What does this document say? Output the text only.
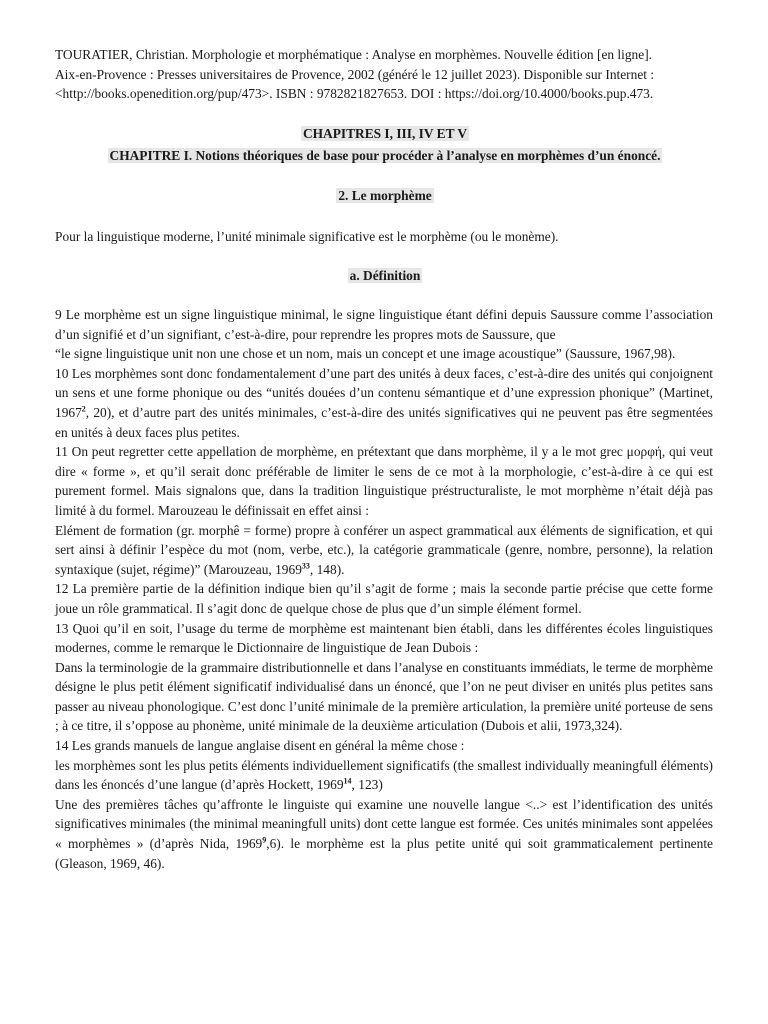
TOURATIER, Christian. Morphologie et morphématique : Analyse en morphèmes. Nouvelle édition [en ligne].

Aix-en-Provence : Presses universitaires de Provence, 2002 (généré le 12 juillet 2023). Disponible sur Internet :

<http://books.openedition.org/pup/473>. ISBN : 9782821827653. DOI : https://doi.org/10.4000/books.pup.473.

CHAPITRES I, III, IV ET V
CHAPITRE I. Notions théoriques de base pour procéder à l’analyse en morphèmes d’un énoncé.
2. Le morphème

Pour la linguistique moderne, l’unité minimale significative est le morphème (ou le monème).

a. Définition

9 Le morphème est un signe linguistique minimal, le signe linguistique étant défini depuis Saussure comme l’association d’un signifié et d’un signifiant, c’est-à-dire, pour reprendre les propres mots de Saussure, que

“le signe linguistique unit non une chose et un nom, mais un concept et une image acoustique” (Saussure, 1967,98).

10 Les morphèmes sont donc fondamentalement d’une part des unités à deux faces, c’est-à-dire des unités qui conjoignent un sens et une forme phonique ou des “unités douées d’un contenu sémantique et d’une expression phonique” (Martinet, 1967$^2$, 20), et d’autre part des unités minimales, c’est-à-dire des unités significatives qui ne peuvent pas être segmentées en unités à deux faces plus petites.

11 On peut regretter cette appellation de morphème, en prétextant que dans morphème, il y a le mot grec μορφή, qui veut dire « forme », et qu’il serait donc préférable de limiter le sens de ce mot à la morphologie, c’est-à-dire à ce qui est purement formel. Mais signalons que, dans la tradition linguistique préstructuraliste, le mot morphème n’était déjà pas limité à du formel. Marouzeau le définissait en effet ainsi :

Elément de formation (gr. morphê = forme) propre à conférer un aspect grammatical aux éléments de signification, et qui sert ainsi à définir l’espèce du mot (nom, verbe, etc.), la catégorie grammaticale (genre, nombre, personne), la relation syntaxique (sujet, régime)” (Marouzeau, 1969$^{33}$, 148).

12 La première partie de la définition indique bien qu’il s’agit de forme ; mais la seconde partie précise que cette forme joue un rôle grammatical. Il s’agit donc de quelque chose de plus que d’un simple élément formel.

13 Quoi qu’il en soit, l’usage du terme de morphème est maintenant bien établi, dans les différentes écoles linguistiques modernes, comme le remarque le Dictionnaire de linguistique de Jean Dubois :

Dans la terminologie de la grammaire distributionnelle et dans l’analyse en constituants immédiats, le terme de morphème désigne le plus petit élément significatif individualisé dans un énoncé, que l’on ne peut diviser en unités plus petites sans passer au niveau phonologique. C’est donc l’unité minimale de la première articulation, la première unité porteuse de sens ; à ce titre, il s’oppose au phonème, unité minimale de la deuxième articulation (Dubois et alii, 1973,324).

14 Les grands manuels de langue anglaise disent en général la même chose :

les morphèmes sont les plus petits éléments individuellement significatifs (the smallest individually meaningfull éléments) dans les énoncés d’une langue (d’après Hockett, 1969$^{14}$, 123)

Une des premières tâches qu’affronte le linguiste qui examine une nouvelle langue <..> est l’identification des unités significatives minimales (the minimal meaningfull units) dont cette langue est formée. Ces unités minimales sont appelées « morphèmes » (d’après Nida, 1969$^9$,6). le morphème est la plus petite unité qui soit grammaticalement pertinente (Gleason, 1969, 46).
